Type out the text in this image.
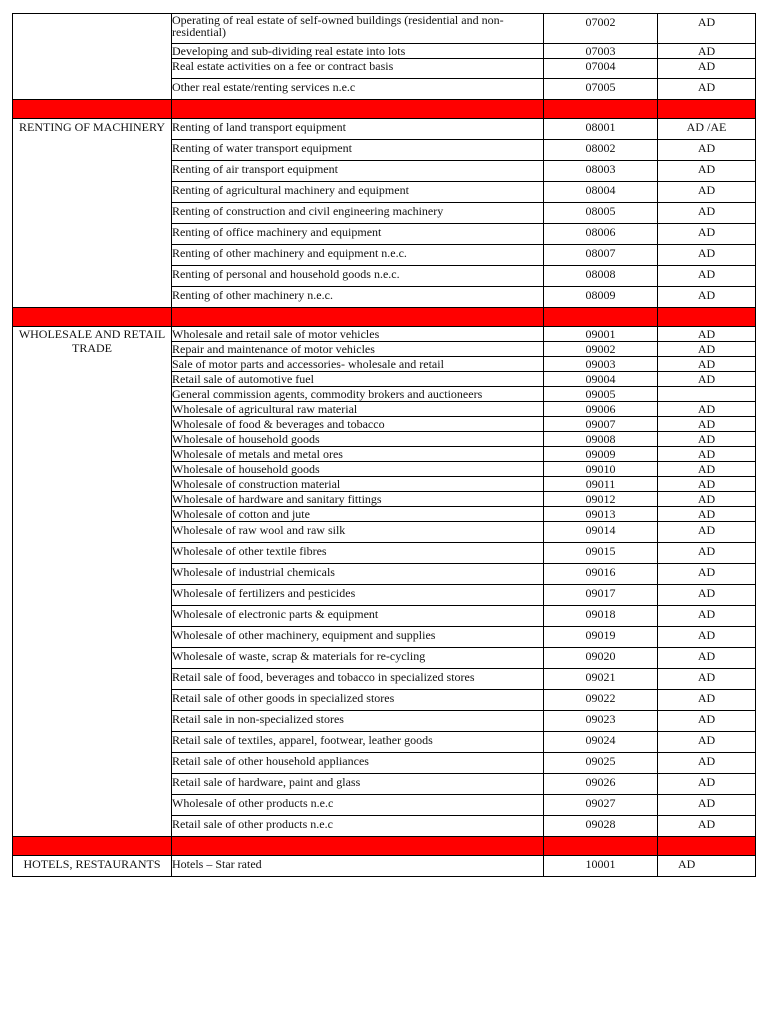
	Operating of real estate of self-owned buildings (residential and non-residential)	07002	AD
	Developing and sub-dividing real estate into lots	07003	AD
	Real estate activities on a fee or contract basis	07004	AD
	Other real estate/renting services n.e.c	07005	AD

RENTING OF MACHINERY	Renting of land transport equipment	08001	AD /AE
	Renting of water transport equipment	08002	AD
	Renting of air transport equipment	08003	AD
	Renting of agricultural machinery and equipment	08004	AD
	Renting of construction and civil engineering machinery	08005	AD
	Renting of office machinery and equipment	08006	AD
	Renting of other machinery and equipment n.e.c.	08007	AD
	Renting of personal and household goods n.e.c.	08008	AD
	Renting of other machinery n.e.c.	08009	AD

WHOLESALE AND RETAIL TRADE	Wholesale and retail sale of motor vehicles	09001	AD
	Repair and maintenance of motor vehicles	09002	AD
	Sale of motor parts and accessories- wholesale and retail	09003	AD
	Retail sale of automotive fuel	09004	AD
	General commission agents, commodity brokers and auctioneers	09005	
	Wholesale of agricultural raw material	09006	AD
	Wholesale of food & beverages and tobacco	09007	AD
	Wholesale of household goods	09008	AD
	Wholesale of metals and metal ores	09009	AD
	Wholesale of household goods	09010	AD
	Wholesale of construction material	09011	AD
	Wholesale of hardware and sanitary fittings	09012	AD
	Wholesale of cotton and jute	09013	AD
	Wholesale of raw wool and raw silk	09014	AD
	Wholesale of other textile fibres	09015	AD
	Wholesale of industrial chemicals	09016	AD
	Wholesale of fertilizers and pesticides	09017	AD
	Wholesale of electronic parts & equipment	09018	AD
	Wholesale of other machinery, equipment and supplies	09019	AD
	Wholesale of waste, scrap & materials for re-cycling	09020	AD
	Retail sale of food, beverages and tobacco in specialized stores	09021	AD
	Retail sale of other goods in specialized stores	09022	AD
	Retail sale in non-specialized stores	09023	AD
	Retail sale of textiles, apparel, footwear, leather goods	09024	AD
	Retail sale of other household appliances	09025	AD
	Retail sale of hardware, paint and glass	09026	AD
	Wholesale of other products n.e.c	09027	AD
	Retail sale of other products n.e.c	09028	AD

HOTELS, RESTAURANTS	Hotels – Star rated	10001	AD
